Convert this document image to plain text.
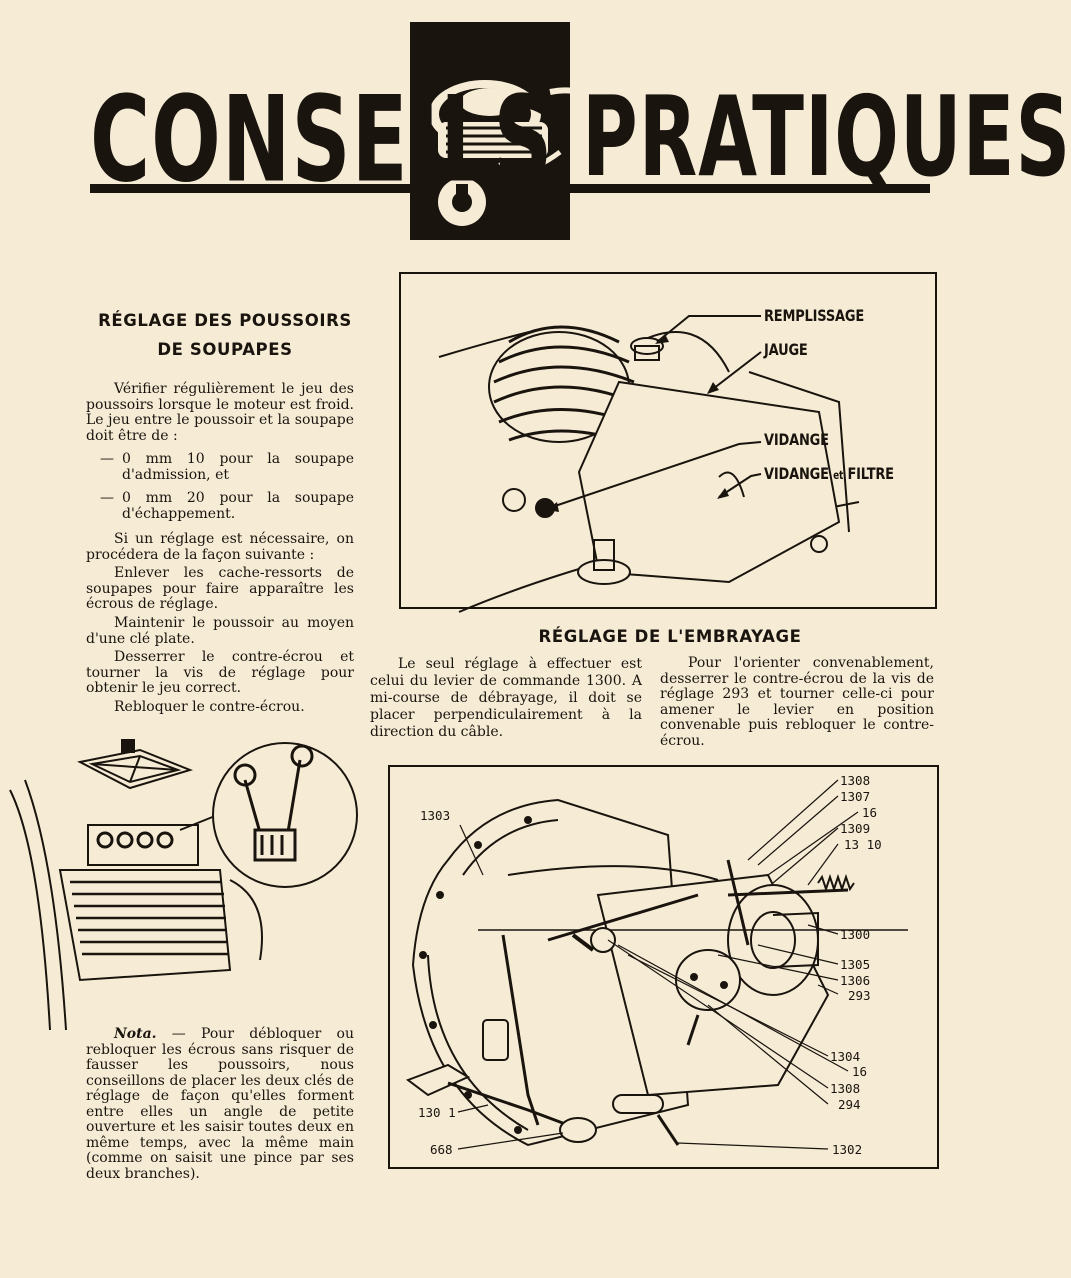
CONSEILS PRATIQUES
RÉGLAGE DES POUSSOIRS
DE SOUPAPES

Vérifier régulièrement le jeu des poussoirs lorsque le moteur est froid. Le jeu entre le poussoir et la soupape doit être de :

— 0 mm 10 pour la soupape d'admission, et
— 0 mm 20 pour la soupape d'échappement.

Si un réglage est nécessaire, on procédera de la façon suivante :

Enlever les cache-ressorts de soupapes pour faire apparaître les écrous de réglage.

Maintenir le poussoir au moyen d'une clé plate.

Desserrer le contre-écrou et tourner la vis de réglage pour obtenir le jeu correct.

Rebloquer le contre-écrou.

Nota. — Pour débloquer ou rebloquer les écrous sans risquer de fausser les poussoirs, nous conseillons de placer les deux clés de réglage de façon qu'elles forment entre elles un angle de petite ouverture et les saisir toutes deux en même temps, avec la même main (comme on saisit une pince par ses deux branches).

REMPLISSAGE
JAUGE
VIDANGE
VIDANGE et FILTRE
RÉGLAGE DE L'EMBRAYAGE

Le seul réglage à effectuer est celui du levier de commande 1300. A mi-course de débrayage, il doit se placer perpendiculairement à la direction du câble.

Pour l'orienter convenablement, desserrer le contre-écrou de la vis de réglage 293 et tourner celle-ci pour amener le levier en position convenable puis rebloquer le contre-écrou.

1303
1308
1307
16
1309
13 10
1300
1305
1306
293
1304
16
1308
294
130 1
668	1302
